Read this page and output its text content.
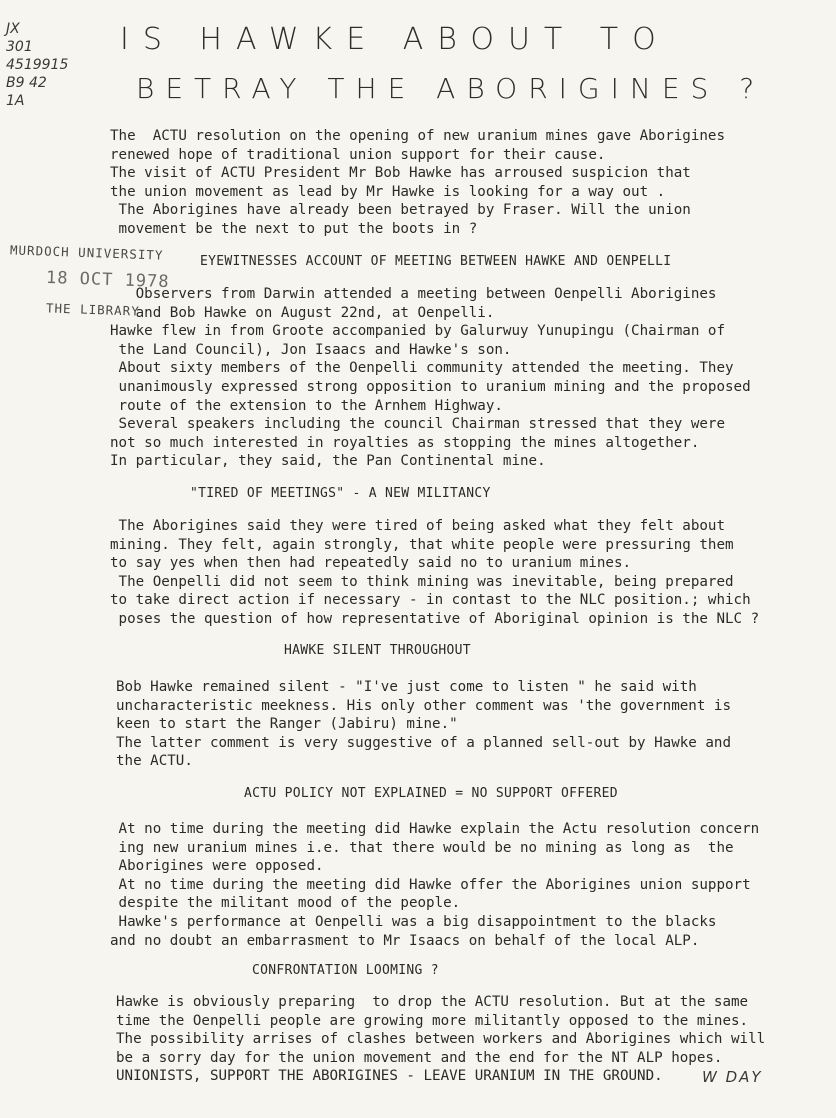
JX
301
4519915
B9 42
1A
IS HAWKE ABOUT TO
BETRAY THE ABORIGINES ?
The  ACTU resolution on the opening of new uranium mines gave Aborigines
renewed hope of traditional union support for their cause.
The visit of ACTU President Mr Bob Hawke has arroused suspicion that
the union movement as lead by Mr Hawke is looking for a way out .
The Aborigines have already been betrayed by Fraser. Will the union
movement be the next to put the boots in ?
MURDOCH UNIVERSITY
18 OCT 1978
THE LIBRARY
EYEWITNESSES ACCOUNT OF MEETING BETWEEN HAWKE AND OENPELLI
Observers from Darwin attended a meeting between Oenpelli Aborigines
and Bob Hawke on August 22nd, at Oenpelli.
Hawke flew in from Groote accompanied by Galurwuy Yunupingu (Chairman of
the Land Council), Jon Isaacs and Hawke's son.
About sixty members of the Oenpelli community attended the meeting. They
unanimously expressed strong opposition to uranium mining and the proposed
route of the extension to the Arnhem Highway.
Several speakers including the council Chairman stressed that they were
not so much interested in royalties as stopping the mines altogether.
In particular, they said, the Pan Continental mine.
"TIRED OF MEETINGS" - A NEW MILITANCY
The Aborigines said they were tired of being asked what they felt about
mining. They felt, again strongly, that white people were pressuring them
to say yes when then had repeatedly said no to uranium mines.
The Oenpelli did not seem to think mining was inevitable, being prepared
to take direct action if necessary - in contast to the NLC position.; which
poses the question of how representative of Aboriginal opinion is the NLC ?
HAWKE SILENT THROUGHOUT
Bob Hawke remained silent - "I've just come to listen " he said with
uncharacteristic meekness. His only other comment was 'the government is
keen to start the Ranger (Jabiru) mine."
The latter comment is very suggestive of a planned sell-out by Hawke and
the ACTU.
ACTU POLICY NOT EXPLAINED = NO SUPPORT OFFERED
At no time during the meeting did Hawke explain the Actu resolution concern
ing new uranium mines i.e. that there would be no mining as long as  the
Aborigines were opposed.
At no time during the meeting did Hawke offer the Aborigines union support
despite the militant mood of the people.
Hawke's performance at Oenpelli was a big disappointment to the blacks
and no doubt an embarrasment to Mr Isaacs on behalf of the local ALP.
CONFRONTATION LOOMING ?
Hawke is obviously preparing  to drop the ACTU resolution. But at the same
time the Oenpelli people are growing more militantly opposed to the mines.
The possibility arrises of clashes between workers and Aborigines which will
be a sorry day for the union movement and the end for the NT ALP hopes.
UNIONISTS, SUPPORT THE ABORIGINES - LEAVE URANIUM IN THE GROUND.	W DAY
